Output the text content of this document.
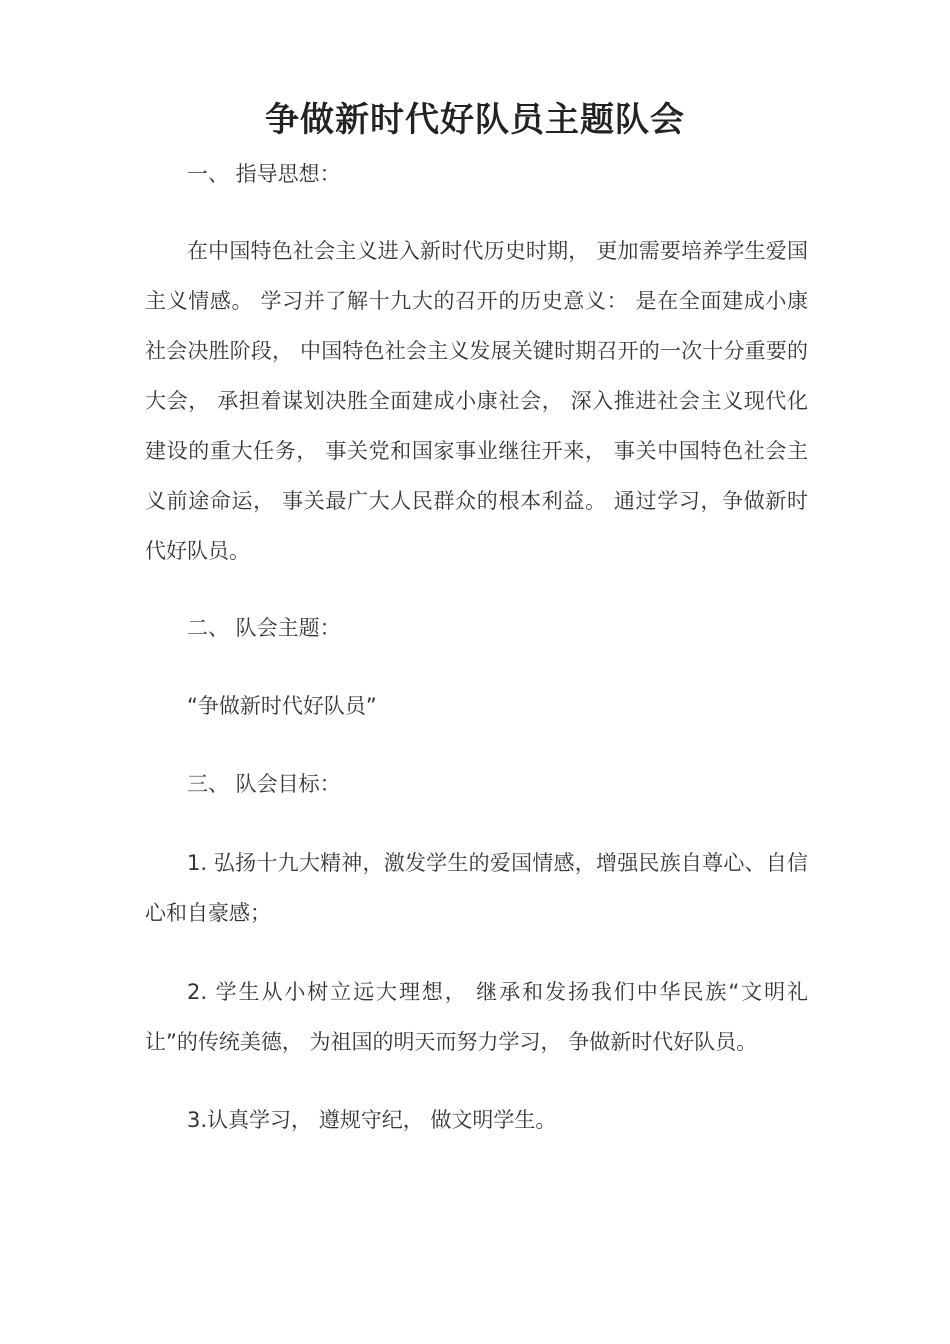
争做新时代好队员主题队会
一、 指导思想：
在中国特色社会主义进入新时代历史时期， 更加需要培养学生爱国主义情感。 学习并了解十九大的召开的历史意义： 是在全面建成小康社会决胜阶段， 中国特色社会主义发展关键时期召开的一次十分重要的大会， 承担着谋划决胜全面建成小康社会， 深入推进社会主义现代化建设的重大任务， 事关党和国家事业继往开来， 事关中国特色社会主义前途命运， 事关最广大人民群众的根本利益。 通过学习，争做新时代好队员。
二、 队会主题：
“争做新时代好队员”
三、 队会目标：
1. 弘扬十九大精神，激发学生的爱国情感，增强民族自尊心、自信心和自豪感；
2. 学生从小树立远大理想， 继承和发扬我们中华民族“文明礼让”的传统美德， 为祖国的明天而努力学习， 争做新时代好队员。
3.认真学习， 遵规守纪， 做文明学生。
